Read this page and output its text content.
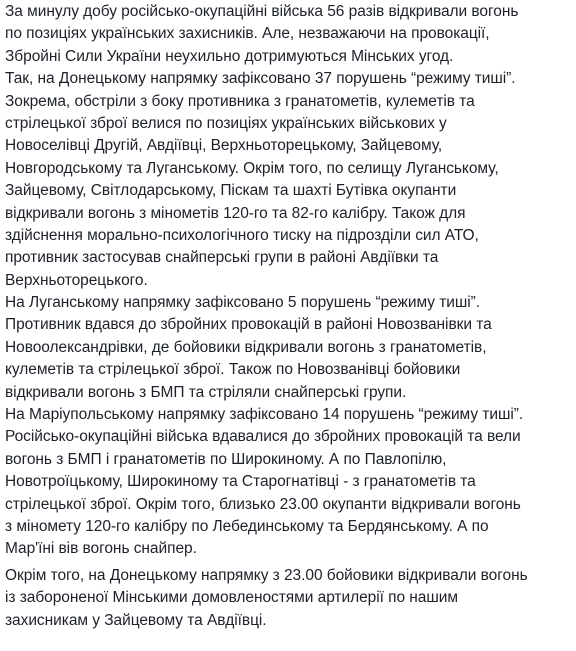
За минулу добу російсько-окупаційні війська 56 разів відкривали вогонь
по позиціях українських захисників. Але, незважаючи на провокації,
Збройні Сили України неухильно дотримуються Мінських угод.
Так, на Донецькому напрямку зафіксовано 37 порушень “режиму тиші”.
Зокрема, обстріли з боку противника з гранатометів, кулеметів та
стрілецької зброї велися по позиціях українських військових у
Новоселівці Другій, Авдіївці, Верхньоторецькому, Зайцевому,
Новгородському та Луганському. Окрім того, по селищу Луганському,
Зайцевому, Світлодарському, Піскам та шахті Бутівка окупанти
відкривали вогонь з мінометів 120-го та 82-го калібру. Також для
здійснення морально-психологічного тиску на підрозділи сил АТО,
противник застосував снайперські групи в районі Авдіївки та
Верхньоторецького.
На Луганському напрямку зафіксовано 5 порушень “режиму тиші”.
Противник вдався до збройних провокацій в районі Новозванівки та
Новоолександрівки, де бойовики відкривали вогонь з гранатометів,
кулеметів та стрілецької зброї. Також по Новозванівці бойовики
відкривали вогонь з БМП та стріляли снайперські групи.
На Маріупольському напрямку зафіксовано 14 порушень “режиму тиші”.
Російсько-окупаційні війська вдавалися до збройних провокацій та вели
вогонь з БМП і гранатометів по Широкиному. А по Павлопілю,
Новотроїцькому, Широкиному та Старогнатівці - з гранатометів та
стрілецької зброї. Окрім того, близько 23.00 окупанти відкривали вогонь
з міномету 120-го калібру по Лебединському та Бердянському. А по
Мар'їні вів вогонь снайпер.
Окрім того, на Донецькому напрямку з 23.00 бойовики відкривали вогонь
із забороненої Мінськими домовленостями артилерії по нашим
захисникам у Зайцевому та Авдіївці.
